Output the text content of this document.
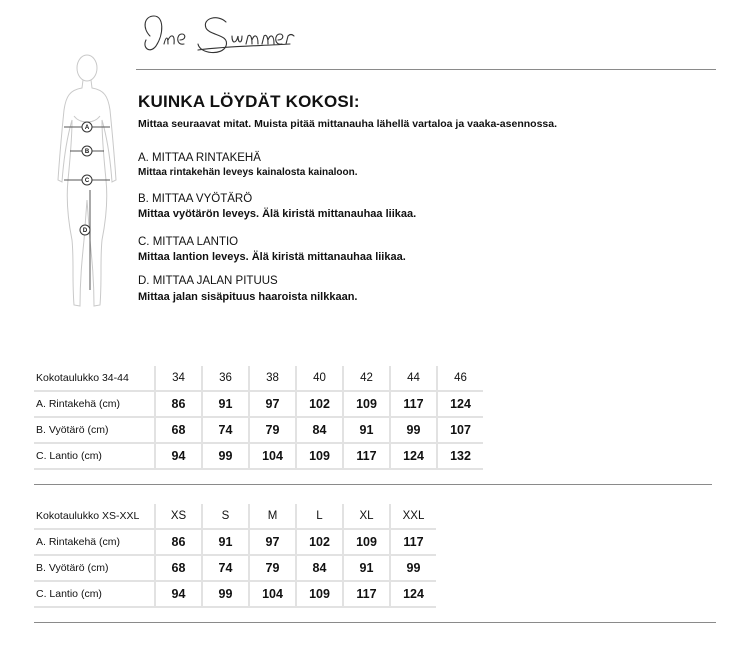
A
B
C
D
KUINKA LÖYDÄT KOKOSI:
Mittaa seuraavat mitat. Muista pitää mittanauha lähellä vartaloa ja vaaka-asennossa.
A. MITTAA RINTAKEHÄ
Mittaa rintakehän leveys kainalosta kainaloon.
B. MITTAA VYÖTÄRÖ
Mittaa vyötärön leveys. Älä kiristä mittanauhaa liikaa.
C. MITTAA LANTIO
Mittaa lantion leveys. Älä kiristä mittanauhaa liikaa.
D. MITTAA JALAN PITUUS
Mittaa jalan sisäpituus haaroista nilkkaan.
Kokotaulukko 34-44	34	36	38	40	42	44	46
A. Rintakehä (cm)	86	91	97	102	109	117	124
B. Vyötärö (cm)	68	74	79	84	91	99	107
C. Lantio (cm)	94	99	104	109	117	124	132
Kokotaulukko XS-XXL	XS	S	M	L	XL	XXL
A. Rintakehä (cm)	86	91	97	102	109	117
B. Vyötärö (cm)	68	74	79	84	91	99
C. Lantio (cm)	94	99	104	109	117	124
